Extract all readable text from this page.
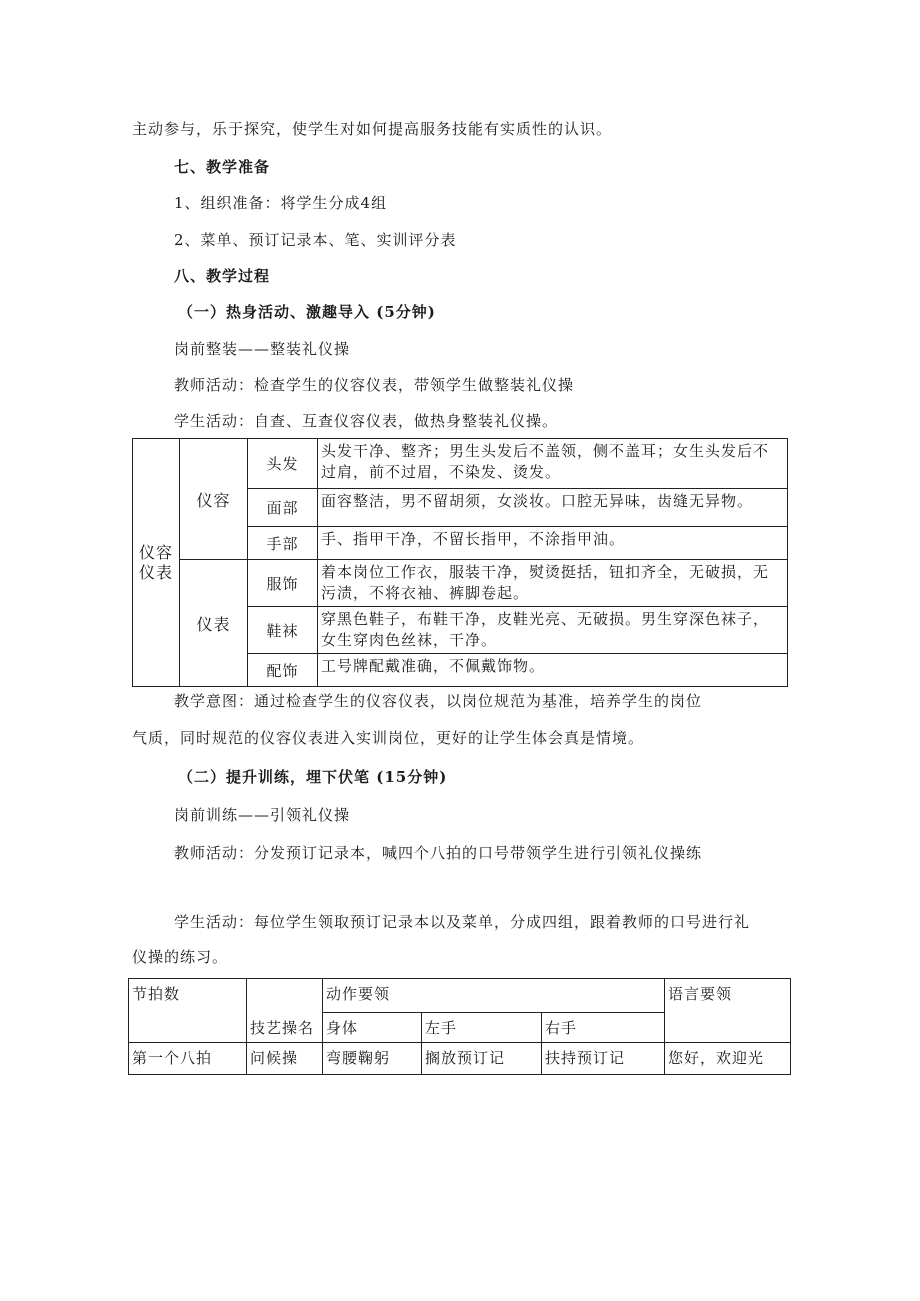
主动参与，乐于探究，使学生对如何提高服务技能有实质性的认识。
七、教学准备
1、组织准备：将学生分成4组
2、菜单、预订记录本、笔、实训评分表
八、教学过程
（一）热身活动、激趣导入 (5分钟)
岗前整装——整装礼仪操
教师活动：检查学生的仪容仪表，带领学生做整装礼仪操
学生活动：自查、互查仪容仪表，做热身整装礼仪操。
仪容仪表	仪容	头发	头发干净、整齐；男生头发后不盖领，侧不盖耳；女生头发后不过肩，前不过眉，不染发、烫发。
		面部	面容整洁，男不留胡须，女淡妆。口腔无异味，齿缝无异物。
		手部	手、指甲干净，不留长指甲，不涂指甲油。
	仪表	服饰	着本岗位工作衣，服装干净，熨烫挺括，钮扣齐全，无破损，无污渍，不将衣袖、裤脚卷起。
		鞋袜	穿黑色鞋子，布鞋干净，皮鞋光亮、无破损。男生穿深色袜子，女生穿肉色丝袜，干净。
		配饰	工号牌配戴准确，不佩戴饰物。
教学意图：通过检查学生的仪容仪表，以岗位规范为基准，培养学生的岗位
气质，同时规范的仪容仪表进入实训岗位，更好的让学生体会真是情境。
（二）提升训练，埋下伏笔 (15分钟)
岗前训练——引领礼仪操
教师活动：分发预订记录本，喊四个八拍的口号带领学生进行引领礼仪操练
学生活动：每位学生领取预订记录本以及菜单，分成四组，跟着教师的口号进行礼
仪操的练习。
节拍数	技艺操名	动作要领			语言要领
		身体	左手	右手	
第一个八拍	问候操	弯腰鞠躬	搁放预订记	扶持预订记	您好，欢迎光
